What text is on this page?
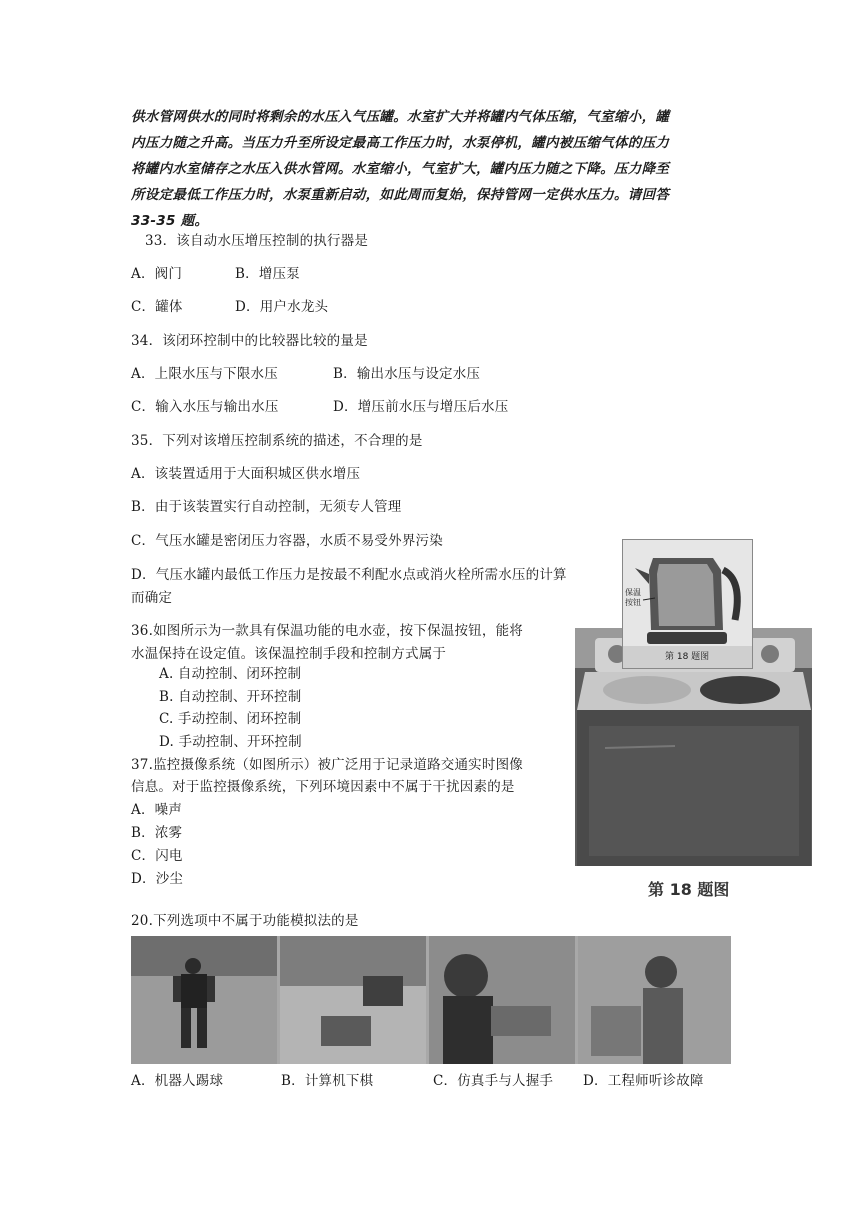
供水管网供水的同时将剩余的水压入气压罐。水室扩大并将罐内气体压缩，气室缩小，罐
内压力随之升高。当压力升至所设定最高工作压力时，水泵停机，罐内被压缩气体的压力
将罐内水室储存之水压入供水管网。水室缩小，气室扩大，罐内压力随之下降。压力降至
所设定最低工作压力时，水泵重新启动，如此周而复始，保持管网一定供水压力。请回答
33-35 题。
33．该自动水压增压控制的执行器是
A．阀门	B．增压泵
C．罐体	D．用户水龙头
34．该闭环控制中的比较器比较的量是
A．上限水压与下限水压	B．输出水压与设定水压
C．输入水压与输出水压	D．增压前水压与增压后水压
35．下列对该增压控制系统的描述，不合理的是
A．该装置适用于大面积城区供水增压
B．由于该装置实行自动控制，无须专人管理
C．气压水罐是密闭压力容器，水质不易受外界污染
D．气压水罐内最低工作压力是按最不利配水点或消火栓所需水压的计算
而确定
第 18 题图
保温
按钮
第 18 题图
36.如图所示为一款具有保温功能的电水壶，按下保温按钮，能将
水温保持在设定值。该保温控制手段和控制方式属于
A. 自动控制、闭环控制
B. 自动控制、开环控制
C. 手动控制、闭环控制
D. 手动控制、开环控制
37.监控摄像系统（如图所示）被广泛用于记录道路交通实时图像
信息。对于监控摄像系统，下列环境因素中不属于干扰因素的是
A．噪声
B．浓雾
C．闪电
D．沙尘
20.下列选项中不属于功能模拟法的是
A．机器人踢球	B．计算机下棋	C．仿真手与人握手 D．工程师听诊故障
